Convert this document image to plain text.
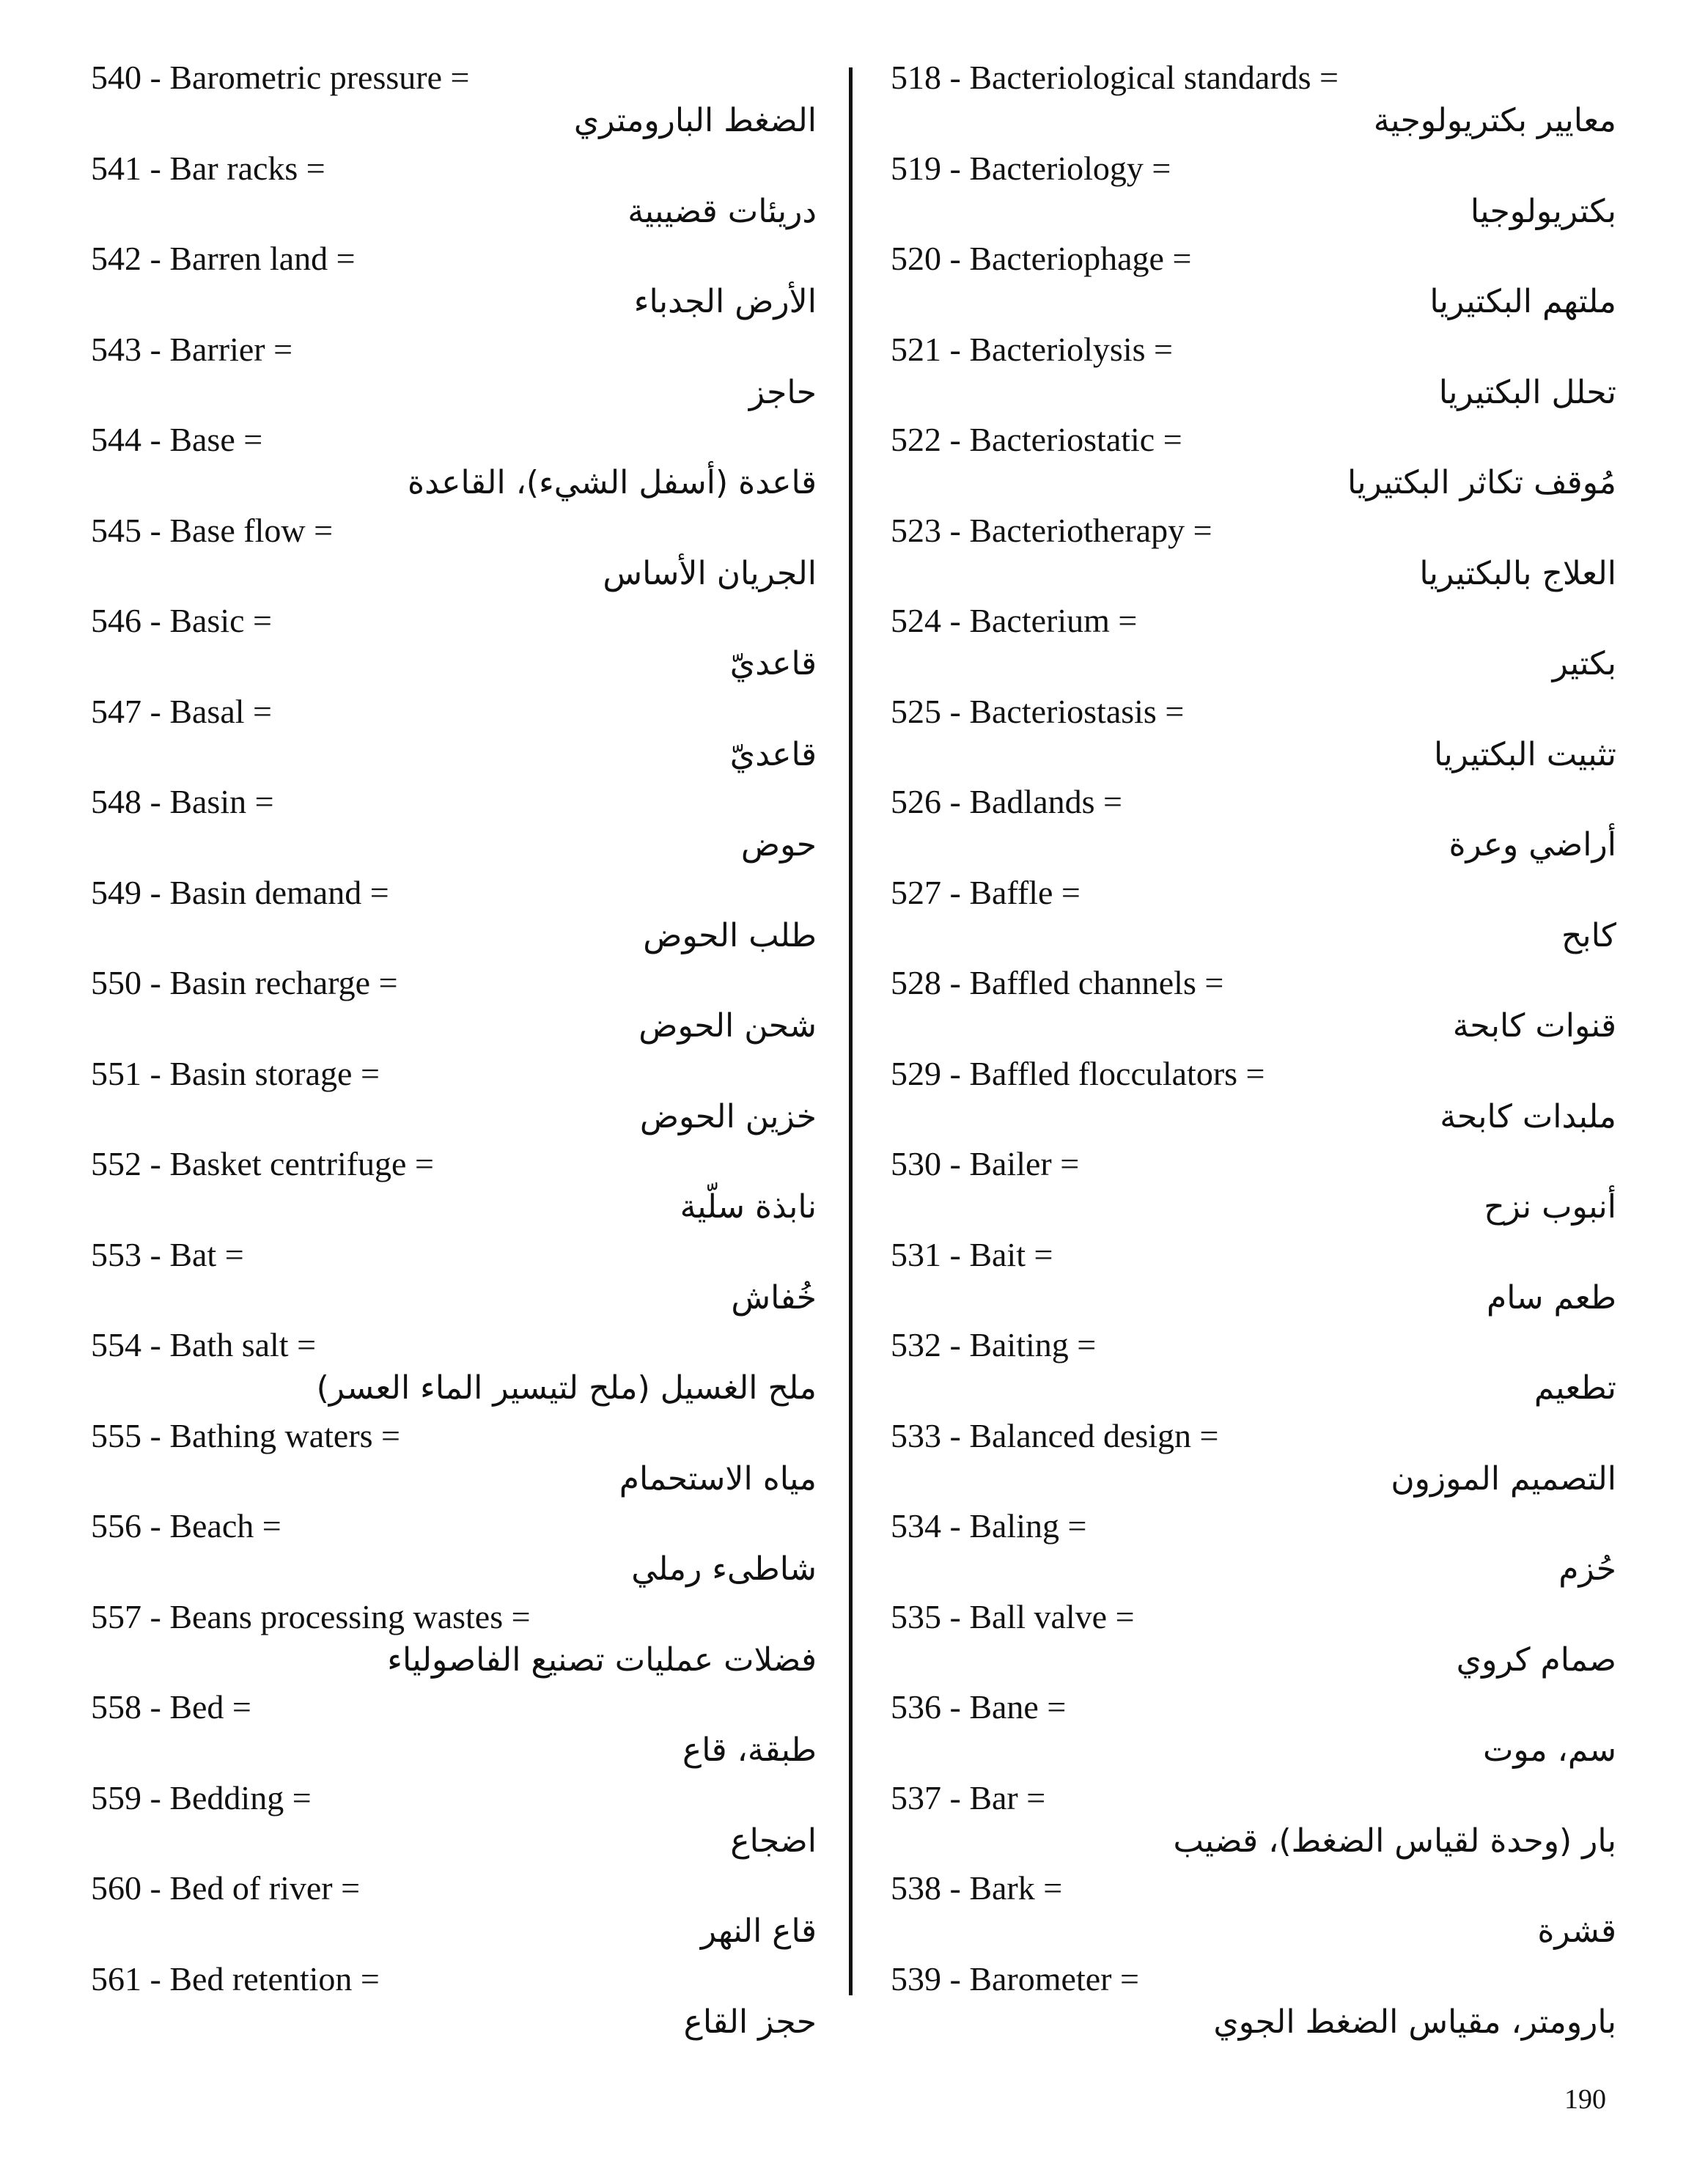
540 - Barometric pressure =
الضغط البارومتري
541 - Bar racks =
دريئات قضيبية
542 - Barren land =
الأرض الجدباء
543 - Barrier =
حاجز
544 - Base =
قاعدة (أسفل الشيء)، القاعدة
545 - Base flow =
الجريان الأساس
546 - Basic =
قاعديّ
547 - Basal =
قاعديّ
548 - Basin =
حوض
549 - Basin demand =
طلب الحوض
550 - Basin recharge =
شحن الحوض
551 - Basin storage =
خزين الحوض
552 - Basket centrifuge =
نابذة سلّية
553 - Bat =
خُفاش
554 - Bath salt =
ملح الغسيل (ملح لتيسير الماء العسر)
555 - Bathing waters =
مياه الاستحمام
556 - Beach =
شاطىء رملي
557 - Beans processing wastes =
فضلات عمليات تصنيع الفاصولياء
558 - Bed =
طبقة، قاع
559 - Bedding =
اضجاع
560 - Bed of river =
قاع النهر
561 - Bed retention =
حجز القاع
518 - Bacteriological standards =
معايير بكتريولوجية
519 - Bacteriology =
بكتريولوجيا
520 - Bacteriophage =
ملتهم البكتيريا
521 - Bacteriolysis =
تحلل البكتيريا
522 - Bacteriostatic =
مُوقف تكاثر البكتيريا
523 - Bacteriotherapy =
العلاج بالبكتيريا
524 - Bacterium =
بكتير
525 - Bacteriostasis =
تثبيت البكتيريا
526 - Badlands =
أراضي وعرة
527 - Baffle =
كابح
528 - Baffled channels =
قنوات كابحة
529 - Baffled flocculators =
ملبدات كابحة
530 - Bailer =
أنبوب نزح
531 - Bait =
طعم سام
532 - Baiting =
تطعيم
533 - Balanced design =
التصميم الموزون
534 - Baling =
حُزم
535 - Ball valve =
صمام كروي
536 - Bane =
سم، موت
537 - Bar =
بار (وحدة لقياس الضغط)، قضيب
538 - Bark =
قشرة
539 - Barometer =
بارومتر، مقياس الضغط الجوي
190
